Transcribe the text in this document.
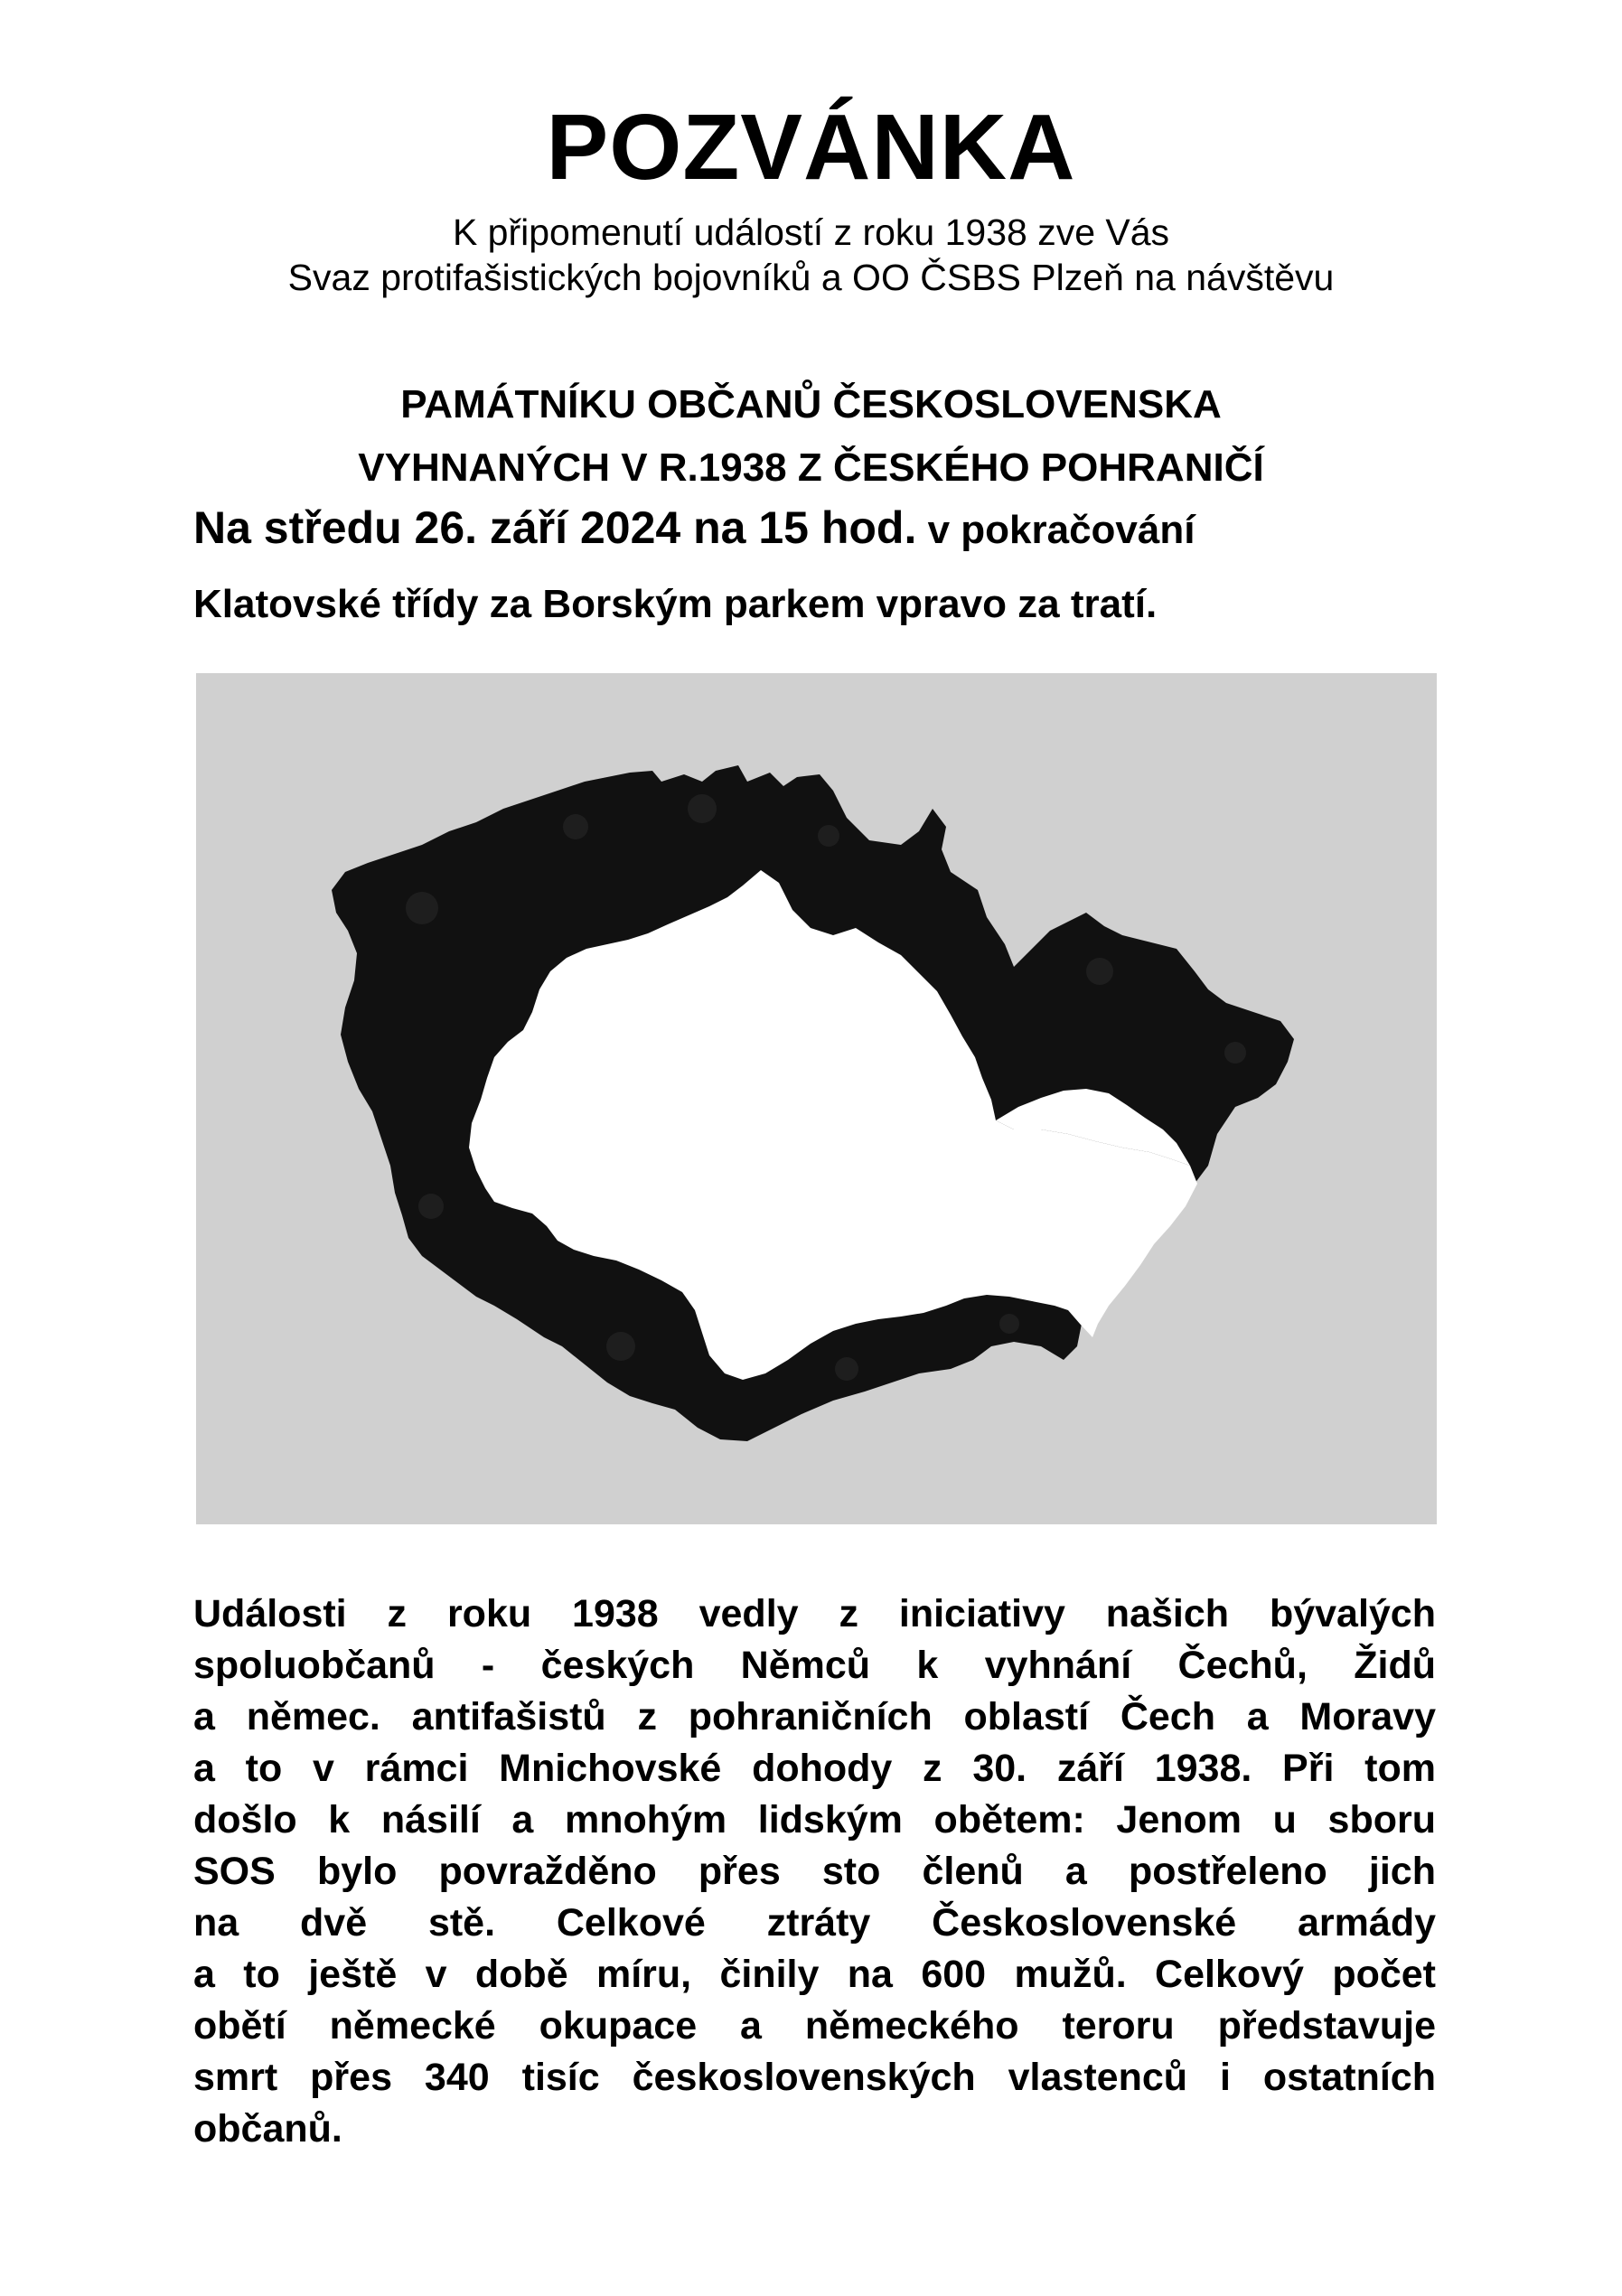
POZVÁNKA
K připomenutí událostí z roku 1938 zve Vás
Svaz protifašistických bojovníků a OO ČSBS Plzeň na návštěvu
PAMÁTNÍKU OBČANŮ ČESKOSLOVENSKA
VYHNANÝCH V R.1938 Z ČESKÉHO POHRANIČÍ
Na středu 26. září 2024 na 15 hod. v pokračování
Klatovské třídy za Borským parkem vpravo za tratí.
Události z roku 1938 vedly z iniciativy našich bývalých
spoluobčanů - českých Němců k vyhnání Čechů, Židů
a němec. antifašistů z pohraničních oblastí Čech a Moravy
a to v rámci Mnichovské dohody z 30. září 1938. Při tom
došlo k násilí a mnohým lidským obětem: Jenom u sboru
SOS bylo povražděno přes sto členů a postřeleno jich
na dvě stě. Celkové ztráty Československé armády
a to ještě v době míru, činily na 600 mužů. Celkový počet
obětí německé okupace a německého teroru představuje
smrt přes 340 tisíc československých vlastenců i ostatních
občanů.
